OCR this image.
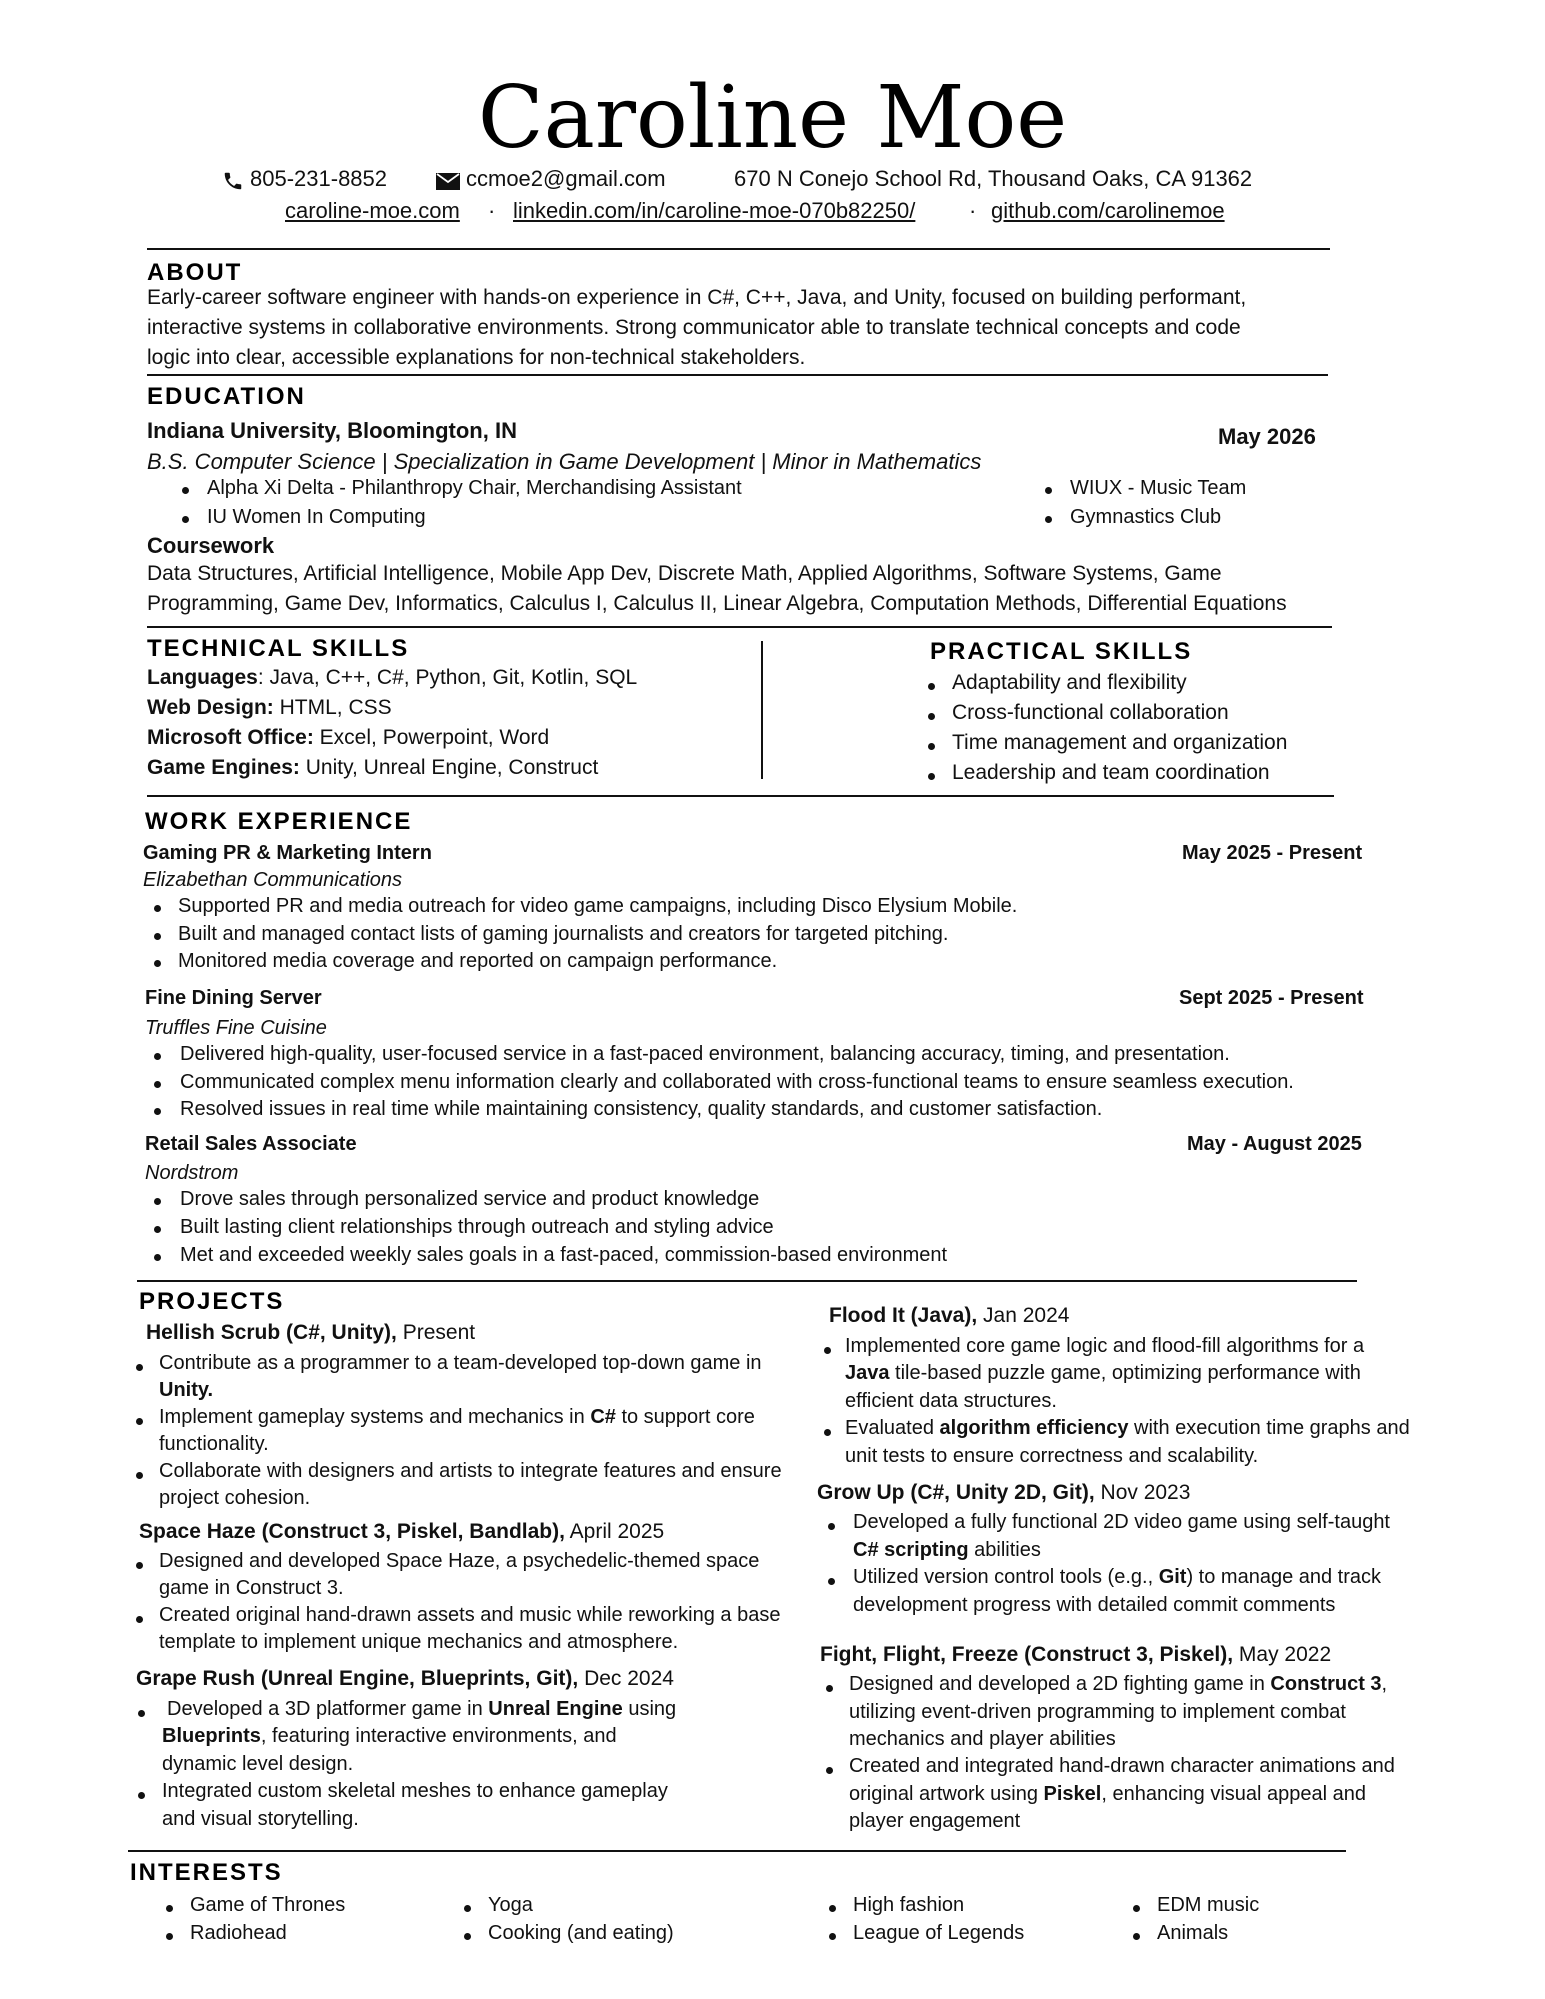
Caroline Moe
805-231-8852	ccmoe2@gmail.com	670 N Conejo School Rd, Thousand Oaks, CA 91362
caroline-moe.com · linkedin.com/in/caroline-moe-070b82250/ · github.com/carolinemoe
ABOUT
Early-career software engineer with hands-on experience in C#, C++, Java, and Unity, focused on building performant,
interactive systems in collaborative environments. Strong communicator able to translate technical concepts and code
logic into clear, accessible explanations for non-technical stakeholders.
EDUCATION
Indiana University, Bloomington, IN	May 2026
B.S. Computer Science | Specialization in Game Development | Minor in Mathematics
Alpha Xi Delta - Philanthropy Chair, Merchandising Assistant
IU Women In Computing
WIUX - Music Team
Gymnastics Club
Coursework
Data Structures, Artificial Intelligence, Mobile App Dev, Discrete Math, Applied Algorithms, Software Systems, Game
Programming, Game Dev, Informatics, Calculus I, Calculus II, Linear Algebra, Computation Methods, Differential Equations
TECHNICAL SKILLS
Languages: Java, C++, C#, Python, Git, Kotlin, SQL
Web Design: HTML, CSS
Microsoft Office: Excel, Powerpoint, Word
Game Engines: Unity, Unreal Engine, Construct
PRACTICAL SKILLS
Adaptability and flexibility
Cross-functional collaboration
Time management and organization
Leadership and team coordination
WORK EXPERIENCE
Gaming PR & Marketing Intern	May 2025 - Present
Elizabethan Communications
Supported PR and media outreach for video game campaigns, including Disco Elysium Mobile.
Built and managed contact lists of gaming journalists and creators for targeted pitching.
Monitored media coverage and reported on campaign performance.
Fine Dining Server	Sept 2025 - Present
Truffles Fine Cuisine
Delivered high-quality, user-focused service in a fast-paced environment, balancing accuracy, timing, and presentation.
Communicated complex menu information clearly and collaborated with cross-functional teams to ensure seamless execution.
Resolved issues in real time while maintaining consistency, quality standards, and customer satisfaction.
Retail Sales Associate	May - August 2025
Nordstrom
Drove sales through personalized service and product knowledge
Built lasting client relationships through outreach and styling advice
Met and exceeded weekly sales goals in a fast-paced, commission-based environment
PROJECTS
Hellish Scrub (C#, Unity), Present
Contribute as a programmer to a team-developed top-down game in
Unity.
Implement gameplay systems and mechanics in C# to support core
functionality.
Collaborate with designers and artists to integrate features and ensure
project cohesion.
Space Haze (Construct 3, Piskel, Bandlab), April 2025
Designed and developed Space Haze, a psychedelic-themed space
game in Construct 3.
Created original hand-drawn assets and music while reworking a base
template to implement unique mechanics and atmosphere.
Grape Rush (Unreal Engine, Blueprints, Git), Dec 2024
Developed a 3D platformer game in Unreal Engine using
Blueprints, featuring interactive environments, and
dynamic level design.
Integrated custom skeletal meshes to enhance gameplay
and visual storytelling.
Flood It (Java), Jan 2024
Implemented core game logic and flood-fill algorithms for a
Java tile-based puzzle game, optimizing performance with
efficient data structures.
Evaluated algorithm efficiency with execution time graphs and
unit tests to ensure correctness and scalability.
Grow Up (C#, Unity 2D, Git), Nov 2023
Developed a fully functional 2D video game using self-taught
C# scripting abilities
Utilized version control tools (e.g., Git) to manage and track
development progress with detailed commit comments
Fight, Flight, Freeze (Construct 3, Piskel), May 2022
Designed and developed a 2D fighting game in Construct 3,
utilizing event-driven programming to implement combat
mechanics and player abilities
Created and integrated hand-drawn character animations and
original artwork using Piskel, enhancing visual appeal and
player engagement
INTERESTS
Game of Thrones
Radiohead
Yoga
Cooking (and eating)
High fashion
League of Legends
EDM music
Animals
